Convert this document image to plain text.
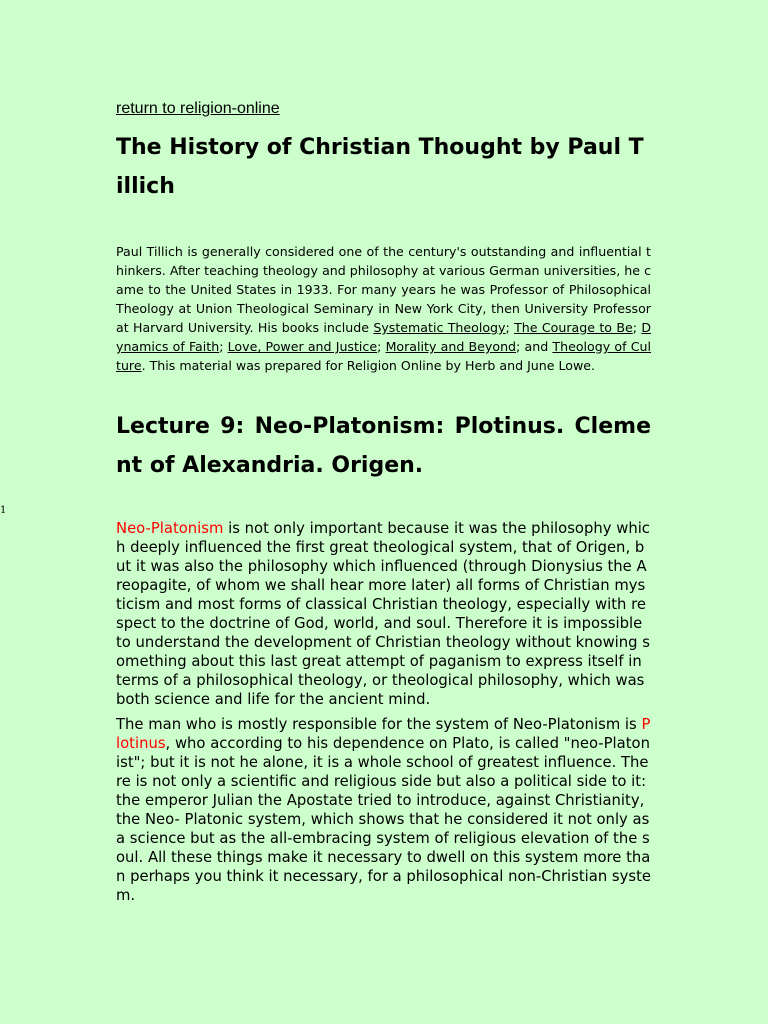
1
return to religion-online
The History of Christian Thought by Paul Tillich

Paul Tillich is generally considered one of the century's outstanding and influential thinkers. After teaching theology and philosophy at various German universities, he came to the United States in 1933. For many years he was Professor of Philosophical Theology at Union Theological Seminary in New York City, then University Professor at Harvard University. His books include Systematic Theology; The Courage to Be; Dynamics of Faith; Love, Power and Justice; Morality and Beyond; and Theology of Culture. This material was prepared for Religion Online by Herb and June Lowe.

Lecture 9: Neo-Platonism: Plotinus. Clement of Alexandria. Origen.

Neo-Platonism is not only important because it was the philosophy which deeply influenced the first great theological system, that of Origen, but it was also the philosophy which influenced (through Dionysius the Areopagite, of whom we shall hear more later) all forms of Christian mysticism and most forms of classical Christian theology, especially with respect to the doctrine of God, world, and soul. Therefore it is impossible to understand the development of Christian theology without knowing something about this last great attempt of paganism to express itself in terms of a philosophical theology, or theological philosophy, which was both science and life for the ancient mind.

The man who is mostly responsible for the system of Neo-Platonism is Plotinus, who according to his dependence on Plato, is called "neo-Platonist"; but it is not he alone, it is a whole school of greatest influence. There is not only a scientific and religious side but also a political side to it: the emperor Julian the Apostate tried to introduce, against Christianity, the Neo- Platonic system, which shows that he considered it not only as a science but as the all-embracing system of religious elevation of the soul. All these things make it necessary to dwell on this system more than perhaps you think it necessary, for a philosophical non-Christian system.
